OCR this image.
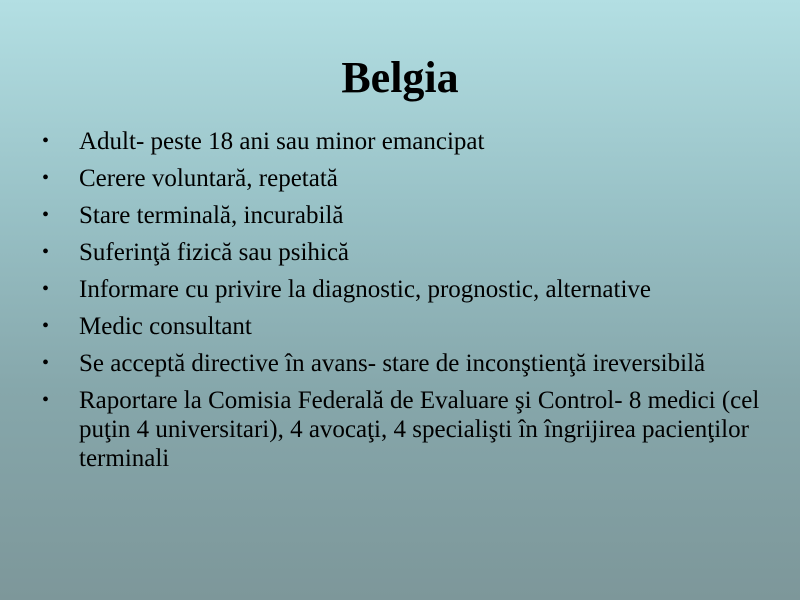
Belgia
•	Adult- peste 18 ani sau minor emancipat
•	Cerere voluntară, repetată
•	Stare terminală, incurabilă
•	Suferinţă fizică sau psihică
•	Informare cu privire la diagnostic, prognostic, alternative
•	Medic consultant
•	Se acceptă directive în avans- stare de inconştienţă ireversibilă
•	Raportare la Comisia Federală de Evaluare şi Control- 8 medici (cel puţin 4 universitari), 4 avocaţi, 4 specialişti în îngrijirea pacienţilor terminali
